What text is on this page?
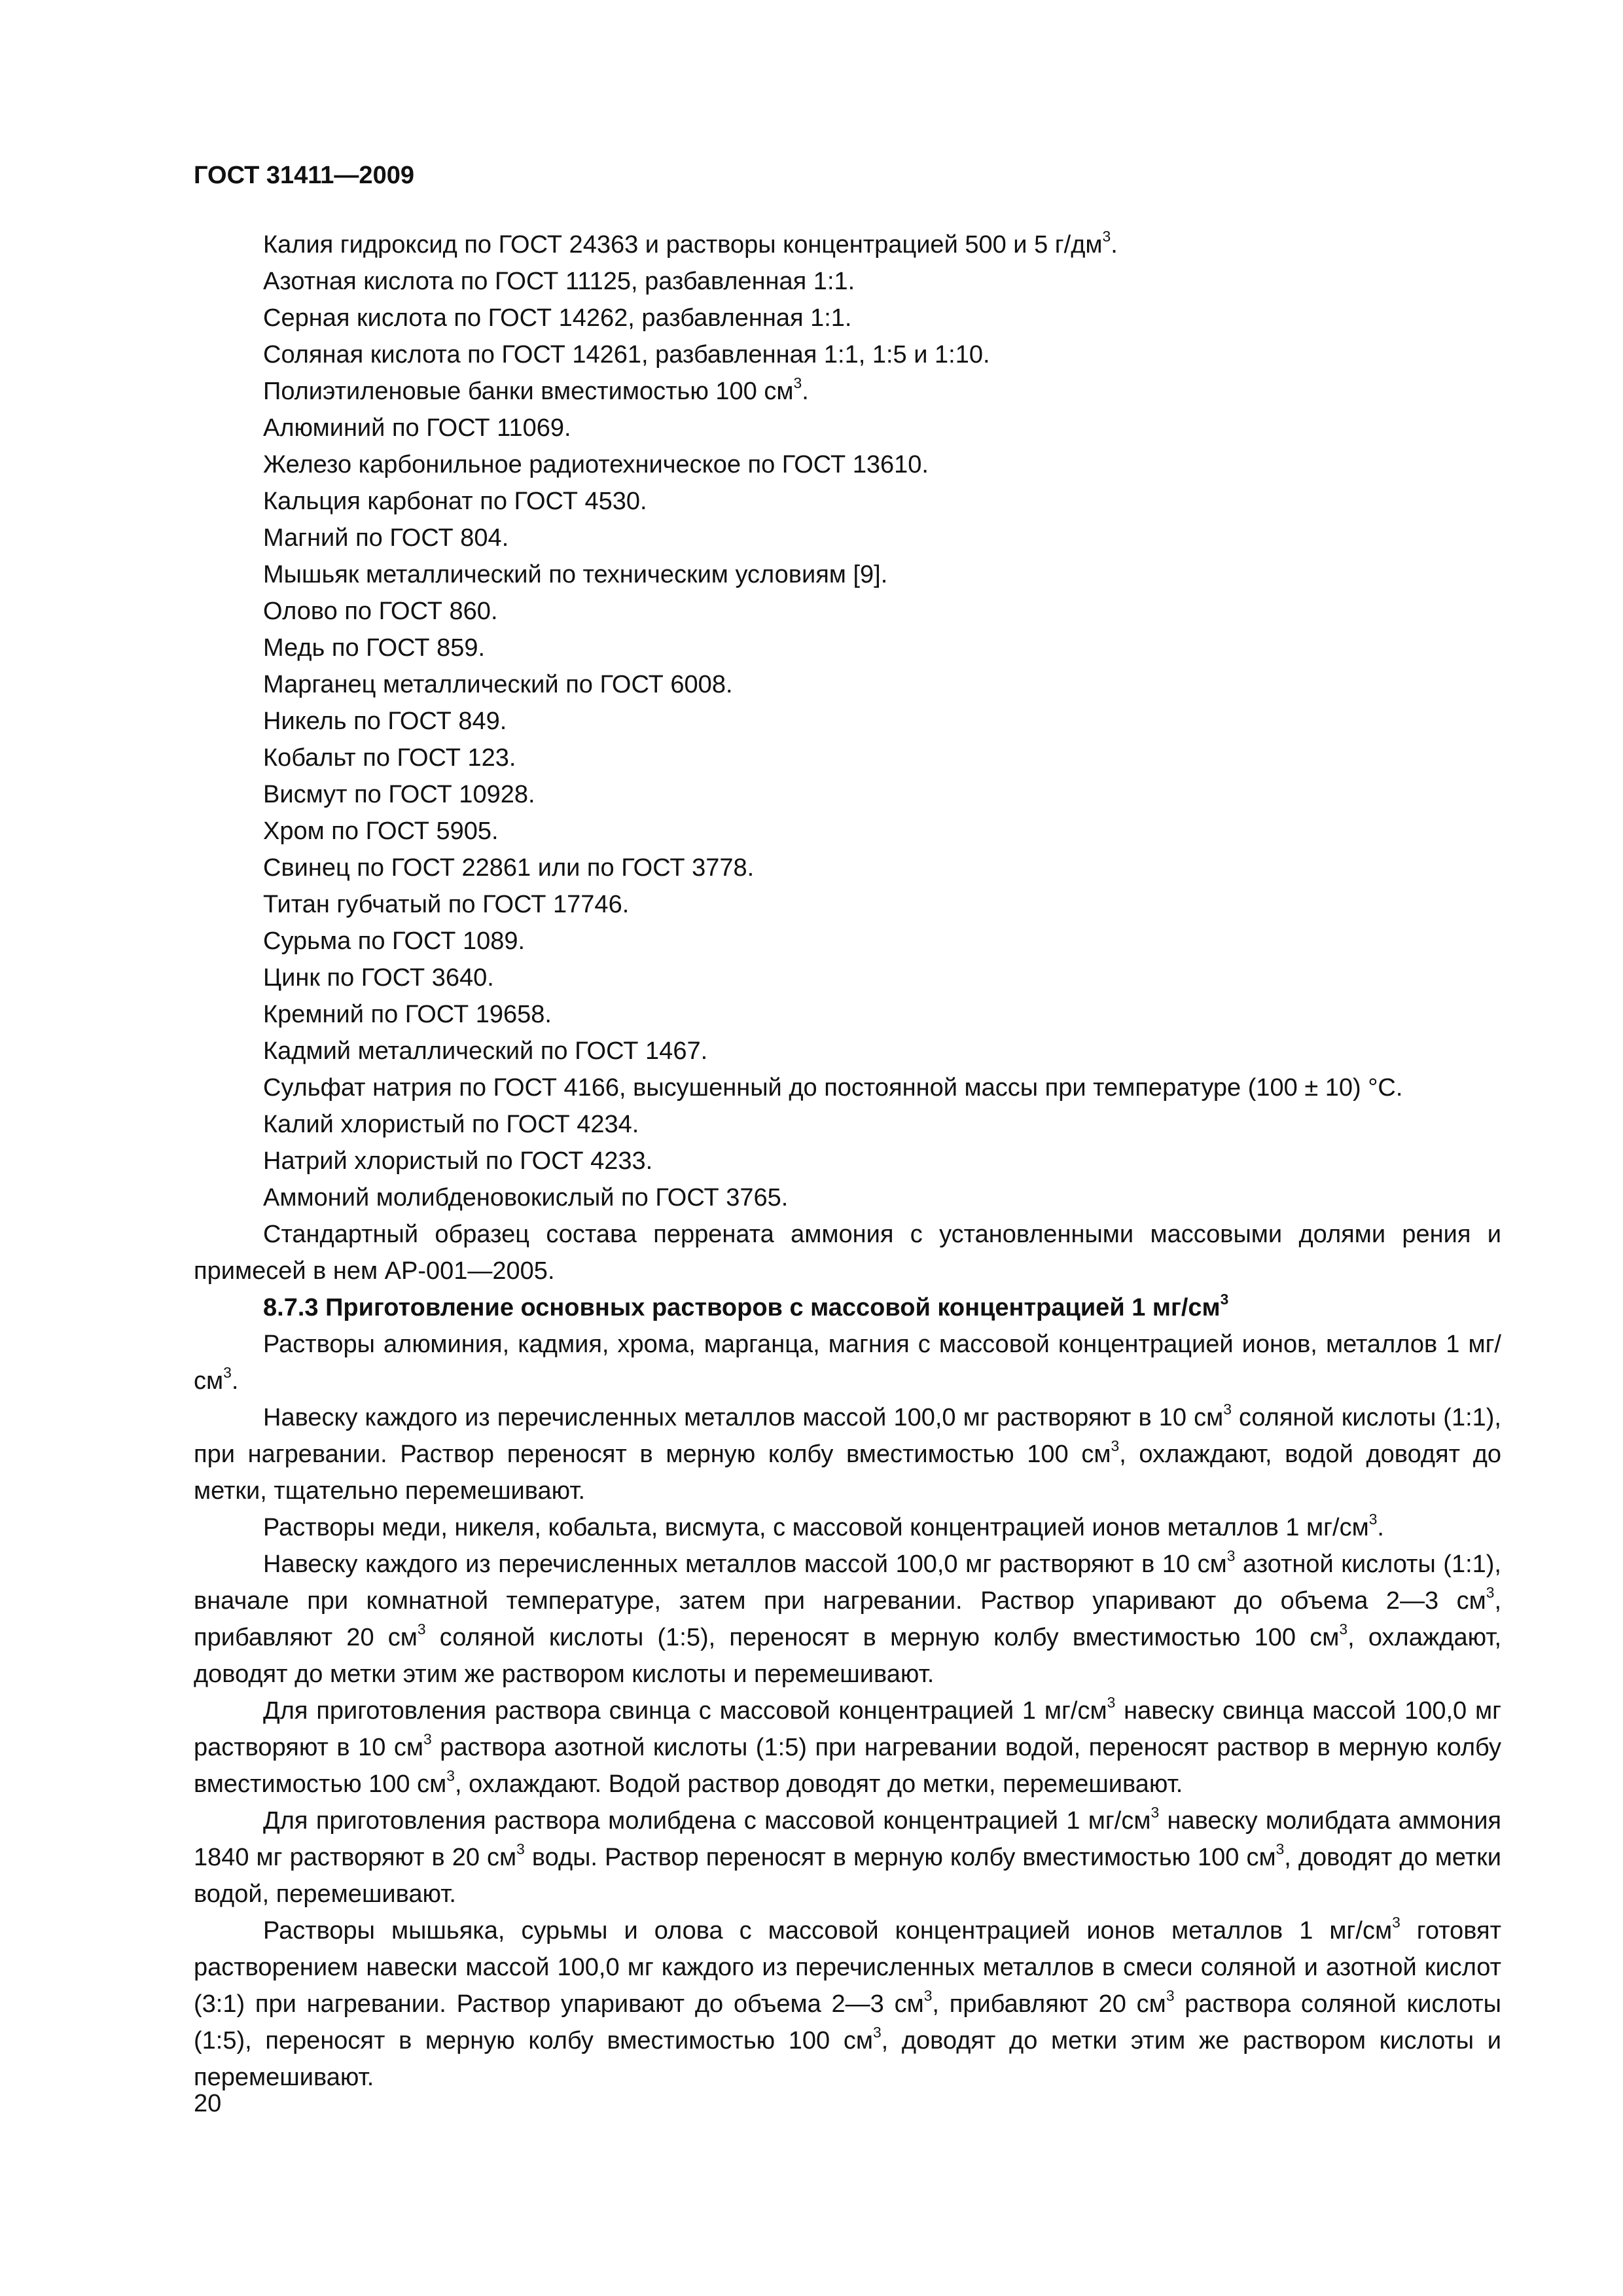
ГОСТ 31411—2009
Калия гидроксид по ГОСТ 24363 и растворы концентрацией 500 и 5 $г/дм^3$.
Азотная кислота по ГОСТ 11125, разбавленная 1:1.
Серная кислота по ГОСТ 14262, разбавленная 1:1.
Соляная кислота по ГОСТ 14261, разбавленная 1:1, 1:5 и 1:10.
Полиэтиленовые банки вместимостью 100 $см^3$.
Алюминий по ГОСТ 11069.
Железо карбонильное радиотехническое по ГОСТ 13610.
Кальция карбонат по ГОСТ 4530.
Магний по ГОСТ 804.
Мышьяк металлический по техническим условиям [9].
Олово по ГОСТ 860.
Медь по ГОСТ 859.
Марганец металлический по ГОСТ 6008.
Никель по ГОСТ 849.
Кобальт по ГОСТ 123.
Висмут по ГОСТ 10928.
Хром по ГОСТ 5905.
Свинец по ГОСТ 22861 или по ГОСТ 3778.
Титан губчатый по ГОСТ 17746.
Сурьма по ГОСТ 1089.
Цинк по ГОСТ 3640.
Кремний по ГОСТ 19658.
Кадмий металлический по ГОСТ 1467.
Сульфат натрия по ГОСТ 4166, высушенный до постоянной массы при температуре (100 ± 10) °C.
Калий хлористый по ГОСТ 4234.
Натрий хлористый по ГОСТ 4233.
Аммоний молибденовокислый по ГОСТ 3765.

Стандартный образец состава перрената аммония с установленными массовыми долями рения и примесей в нем АР-001—2005.

8.7.3 Приготовление основных растворов с массовой концентрацией 1 $мг/см^3$

Растворы алюминия, кадмия, хрома, марганца, магния с массовой концентрацией ионов, металлов 1 $мг/см^3$.

Навеску каждого из перечисленных металлов массой 100,0 мг растворяют в 10 $см^3$ соляной кислоты (1:1), при нагревании. Раствор переносят в мерную колбу вместимостью 100 $см^3$, охлаждают, водой доводят до метки, тщательно перемешивают.

Растворы меди, никеля, кобальта, висмута, с массовой концентрацией ионов металлов 1 $мг/см^3$.

Навеску каждого из перечисленных металлов массой 100,0 мг растворяют в 10 $см^3$ азотной кислоты (1:1), вначале при комнатной температуре, затем при нагревании. Раствор упаривают до объема 2—3 $см^3$, прибавляют 20 $см^3$ соляной кислоты (1:5), переносят в мерную колбу вместимостью 100 $см^3$, охлаждают, доводят до метки этим же раствором кислоты и перемешивают.

Для приготовления раствора свинца с массовой концентрацией 1 $мг/см^3$ навеску свинца массой 100,0 мг растворяют в 10 $см^3$ раствора азотной кислоты (1:5) при нагревании водой, переносят раствор в мерную колбу вместимостью 100 $см^3$, охлаждают. Водой раствор доводят до метки, перемешивают.

Для приготовления раствора молибдена с массовой концентрацией 1 $мг/см^3$ навеску молибдата аммония 1840 мг растворяют в 20 $см^3$ воды. Раствор переносят в мерную колбу вместимостью 100 $см^3$, доводят до метки водой, перемешивают.

Растворы мышьяка, сурьмы и олова с массовой концентрацией ионов металлов 1 $мг/см^3$ готовят растворением навески массой 100,0 мг каждого из перечисленных металлов в смеси соляной и азотной кислот (3:1) при нагревании. Раствор упаривают до объема 2—3 $см^3$, прибавляют 20 $см^3$ раствора соляной кислоты (1:5), переносят в мерную колбу вместимостью 100 $см^3$, доводят до метки этим же раствором кислоты и перемешивают.

20
